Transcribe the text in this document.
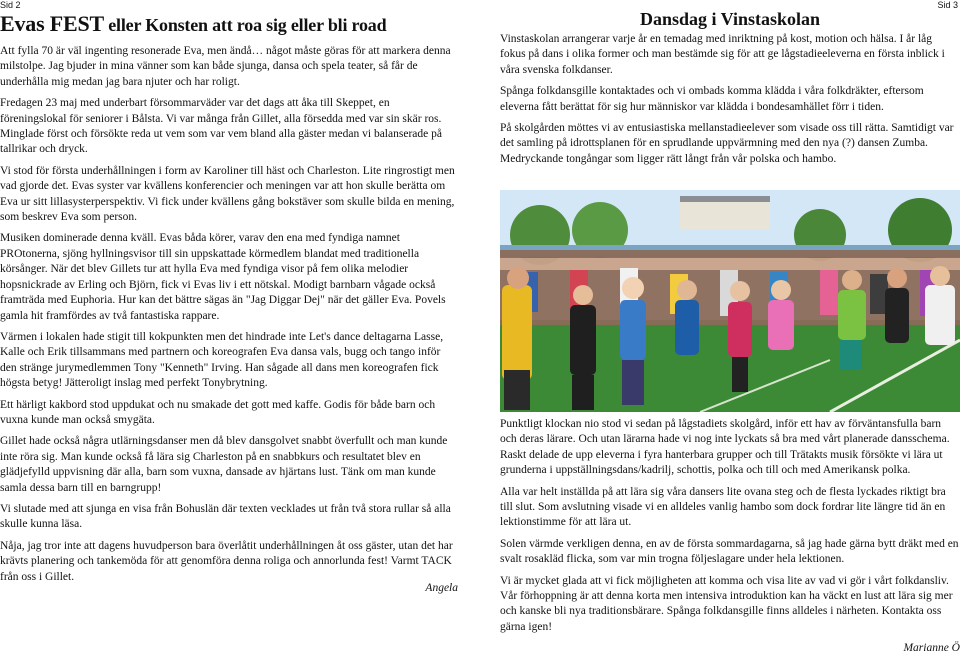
Sid 2
Evas FEST eller Konsten att roa sig eller bli road

Att fylla 70 är väl ingenting resonerade Eva, men ändå… något måste göras för att markera denna milstolpe. Jag bjuder in mina vänner som kan både sjunga, dansa och spela teater, så får de underhålla mig medan jag bara njuter och har roligt.

Fredagen 23 maj med underbart försommarväder var det dags att åka till Skeppet, en föreningslokal för seniorer i Bålsta. Vi var många från Gillet, alla försedda med var sin skär ros. Minglade först och försökte reda ut vem som var vem bland alla gäster medan vi balanserade på tallrikar och dryck.

Vi stod för första underhållningen i form av Karoliner till häst och Charleston. Lite ringrostigt men vad gjorde det. Evas syster var kvällens konferencier och meningen var att hon skulle berätta om Eva ur sitt lillasysterperspektiv. Vi fick under kvällens gång bokstäver som skulle bilda en mening, som beskrev Eva som person.

Musiken dominerade denna kväll. Evas båda körer, varav den ena med fyndiga namnet PROtonerna, sjöng hyllningsvisor till sin uppskattade körmedlem blandat med traditionella körsånger. När det blev Gillets tur att hylla Eva med fyndiga visor på fem olika melodier hopsnickrade av Erling och Björn, fick vi Evas liv i ett nötskal. Modigt barnbarn vågade också framträda med Euphoria. Hur kan det bättre sägas än "Jag Diggar Dej" när det gäller Eva. Povels gamla hit framfördes av två fantastiska rappare.

Värmen i lokalen hade stigit till kokpunkten men det hindrade inte Let's dance deltagarna Lasse, Kalle och Erik tillsammans med partnern och koreografen Eva dansa vals, bugg och tango inför den stränge jurymedlemmen Tony "Kenneth" Irving. Han sågade all dans men koreografen fick högsta betyg! Jätteroligt inslag med perfekt Tonybrytning.

Ett härligt kakbord stod uppdukat och nu smakade det gott med kaffe. Godis för både barn och vuxna kunde man också smygäta.

Gillet hade också några utlärningsdanser men då blev dansgolvet snabbt överfullt och man kunde inte röra sig. Man kunde också få lära sig Charleston på en snabbkurs och resultatet blev en glädjefylld uppvisning där alla, barn som vuxna, dansade av hjärtans lust. Tänk om man kunde samla dessa barn till en barngrupp!

Vi slutade med att sjunga en visa från Bohuslän där texten vecklades ut från två stora rullar så alla skulle kunna läsa.

Nåja, jag tror inte att dagens huvudperson bara överlåtit underhållningen åt oss gäster, utan det har krävts planering och tankemöda för att genomföra denna roliga och annorlunda fest! Varmt TACK från oss i Gillet.

Angela
Sid 3
Dansdag i Vinstaskolan

Vinstaskolan arrangerar varje år en temadag med inriktning på kost, motion och hälsa. I år låg fokus på dans i olika former och man bestämde sig för att ge lågstadieeleverna en första inblick i våra svenska folkdanser.

Spånga folkdansgille kontaktades och vi ombads komma klädda i våra folkdräkter, eftersom eleverna fått berättat för sig hur människor var klädda i bondesamhället förr i tiden.

På skolgården möttes vi av entusiastiska mellanstadieelever som visade oss till rätta. Samtidigt var det samling på idrottsplanen för en sprudlande uppvärmning med den nya (?) dansen Zumba. Medryckande tongångar som ligger rätt långt från vår polska och hambo.

Punktligt klockan nio stod vi sedan på lågstadiets skolgård, inför ett hav av förväntansfulla barn och deras lärare. Och utan lärarna hade vi nog inte lyckats så bra med vårt planerade dansschema. Raskt delade de upp eleverna i fyra hanterbara grupper och till Trätakts musik försökte vi lära ut grunderna i uppställningsdans/kadrilj, schottis, polka och till och med Amerikansk polka.

Alla var helt inställda på att lära sig våra dansers lite ovana steg och de flesta lyckades riktigt bra till slut. Som avslutning visade vi en alldeles vanlig hambo som dock fordrar lite längre tid än en lektionstimme för att lära ut.

Solen värmde verkligen denna, en av de första sommardagarna, så jag hade gärna bytt dräkt med en svalt rosakläd flicka, som var min trogna följeslagare under hela lektionen.

Vi är mycket glada att vi fick möjligheten att komma och visa lite av vad vi gör i vårt folkdansliv. Vår förhoppning är att denna korta men intensiva introduktion kan ha väckt en lust att lära sig mer och kanske bli nya traditionsbärare. Spånga folkdansgille finns alldeles i närheten. Kontakta oss gärna igen!

Marianne Ö
